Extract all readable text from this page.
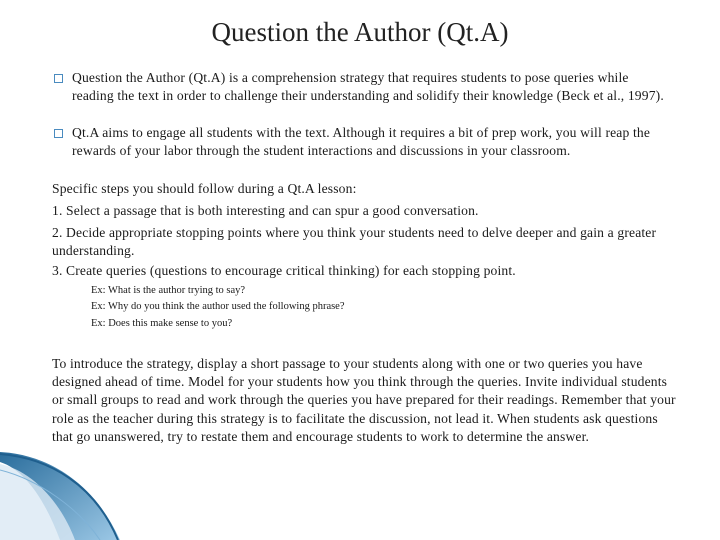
Question the Author (Qt.A)

Question the Author (Qt.A) is a comprehension strategy that requires students to pose queries while reading the text in order to challenge their understanding and solidify their knowledge (Beck et al., 1997).

Qt.A aims to engage all students with the text. Although it requires a bit of prep work, you will reap the rewards of your labor through the student interactions and discussions in your classroom.

Specific steps you should follow during a Qt.A lesson:

1. Select a passage that is both interesting and can spur a good conversation.

2. Decide appropriate stopping points where you think your students need to delve deeper and gain a greater understanding.

3. Create queries (questions to encourage critical thinking) for each stopping point.

Ex: What is the author trying to say?
Ex: Why do you think the author used the following phrase?
Ex: Does this make sense to you?

To introduce the strategy, display a short passage to your students along with one or two queries you have designed ahead of time. Model for your students how you think through the queries. Invite individual students or small groups to read and work through the queries you have prepared for their readings. Remember that your role as the teacher during this strategy is to facilitate the discussion, not lead it. When students ask questions that go unanswered, try to restate them and encourage students to work to determine the answer.
